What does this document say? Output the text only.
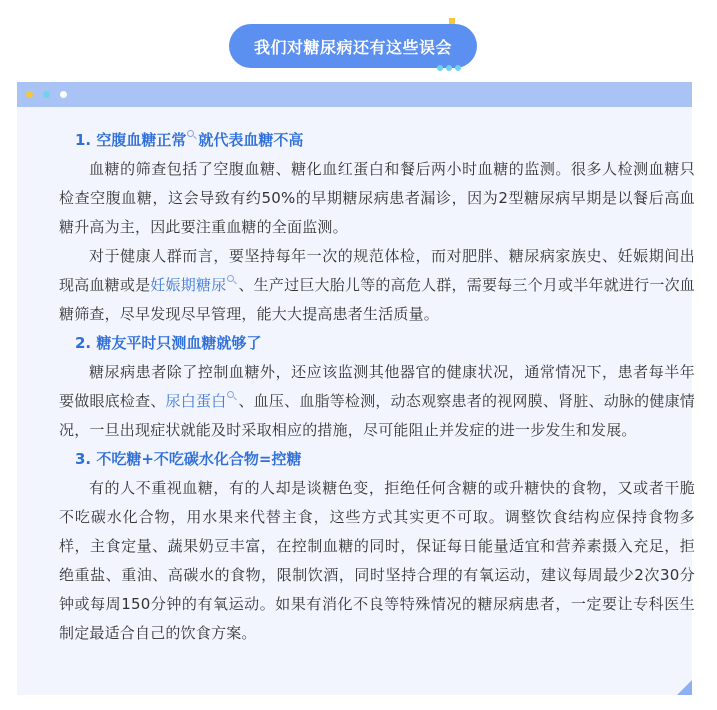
我们对糖尿病还有这些误会
1. 空腹血糖正常 就代表血糖不高

血糖的筛查包括了空腹血糖、糖化血红蛋白和餐后两小时血糖的监测。很多人检测血糖只检查空腹血糖，这会导致有约50%的早期糖尿病患者漏诊，因为2型糖尿病早期是以餐后高血糖升高为主，因此要注重血糖的全面监测。

对于健康人群而言，要坚持每年一次的规范体检，而对肥胖、糖尿病家族史、妊娠期间出现高血糖或是妊娠期糖尿 、生产过巨大胎儿等的高危人群，需要每三个月或半年就进行一次血糖筛查，尽早发现尽早管理，能大大提高患者生活质量。

2. 糖友平时只测血糖就够了

糖尿病患者除了控制血糖外，还应该监测其他器官的健康状况，通常情况下，患者每半年要做眼底检查、尿白蛋白 、血压、血脂等检测，动态观察患者的视网膜、肾脏、动脉的健康情况，一旦出现症状就能及时采取相应的措施，尽可能阻止并发症的进一步发生和发展。

3. 不吃糖+不吃碳水化合物=控糖

有的人不重视血糖，有的人却是谈糖色变，拒绝任何含糖的或升糖快的食物，又或者干脆不吃碳水化合物，用水果来代替主食，这些方式其实更不可取。调整饮食结构应保持食物多样，主食定量、蔬果奶豆丰富，在控制血糖的同时，保证每日能量适宜和营养素摄入充足，拒绝重盐、重油、高碳水的食物，限制饮酒，同时坚持合理的有氧运动，建议每周最少2次30分钟或每周150分钟的有氧运动。如果有消化不良等特殊情况的糖尿病患者，一定要让专科医生制定最适合自己的饮食方案。
